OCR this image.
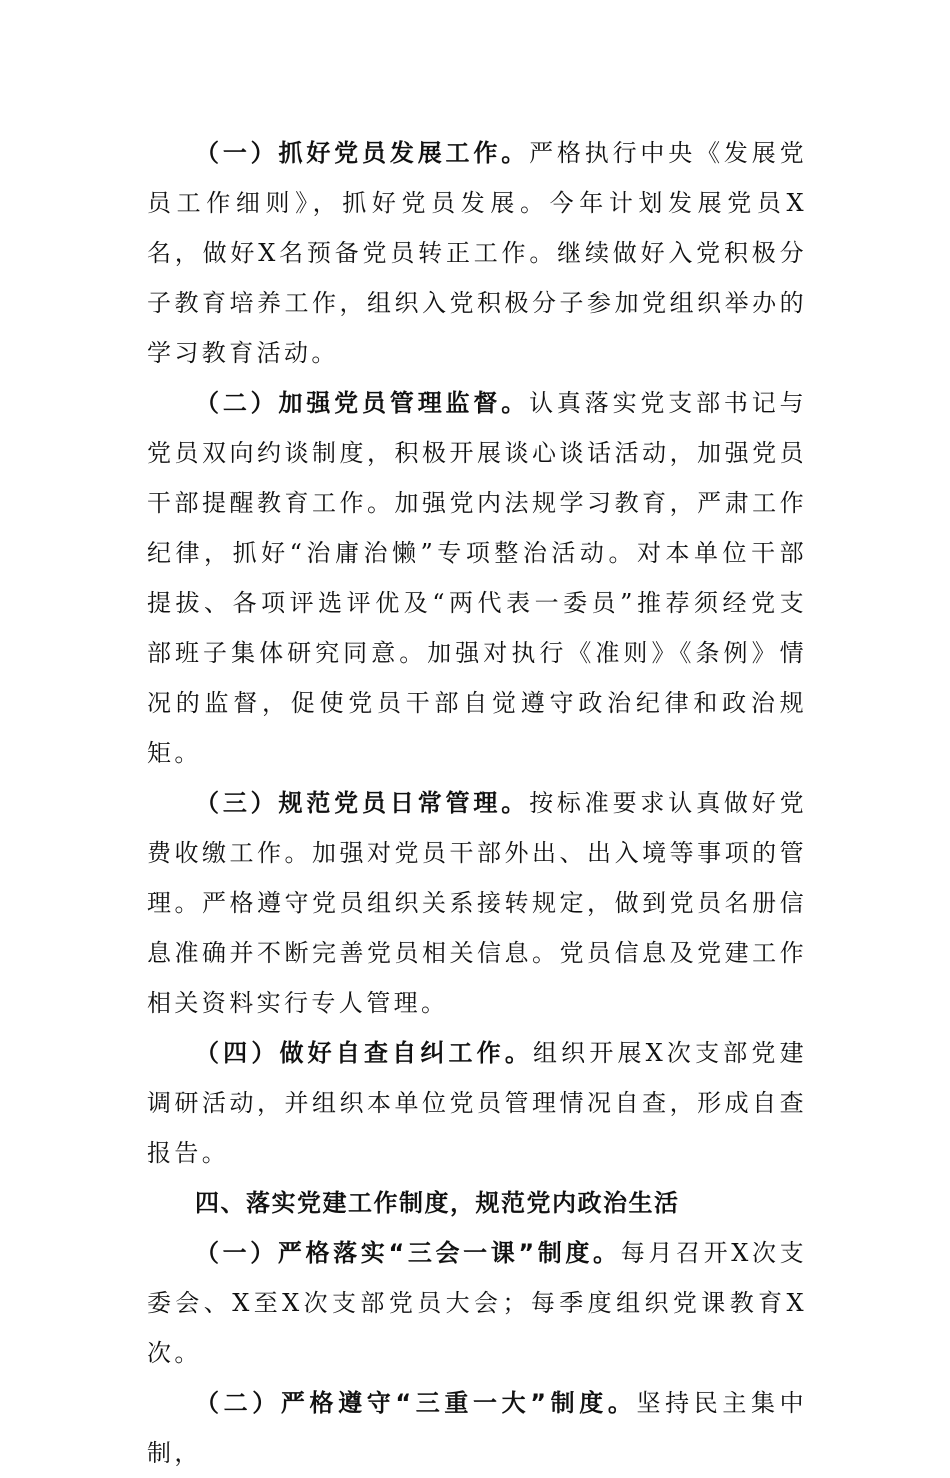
（一）抓好党员发展工作。严格执行中央《发展党员工作细则》，抓好党员发展。今年计划发展党员X名，做好X名预备党员转正工作。继续做好入党积极分子教育培养工作，组织入党积极分子参加党组织举办的学习教育活动。

（二）加强党员管理监督。认真落实党支部书记与党员双向约谈制度，积极开展谈心谈话活动，加强党员干部提醒教育工作。加强党内法规学习教育，严肃工作纪律，抓好“治庸治懒”专项整治活动。对本单位干部提拔、各项评选评优及“两代表一委员”推荐须经党支部班子集体研究同意。加强对执行《准则》《条例》情况的监督，促使党员干部自觉遵守政治纪律和政治规矩。

（三）规范党员日常管理。按标准要求认真做好党费收缴工作。加强对党员干部外出、出入境等事项的管理。严格遵守党员组织关系接转规定，做到党员名册信息准确并不断完善党员相关信息。党员信息及党建工作相关资料实行专人管理。

（四）做好自查自纠工作。组织开展X次支部党建调研活动，并组织本单位党员管理情况自查，形成自查报告。

四、落实党建工作制度，规范党内政治生活

（一）严格落实“三会一课”制度。每月召开X次支委会、X至X次支部党员大会；每季度组织党课教育X次。

（二）严格遵守“三重一大”制度。坚持民主集中制，
